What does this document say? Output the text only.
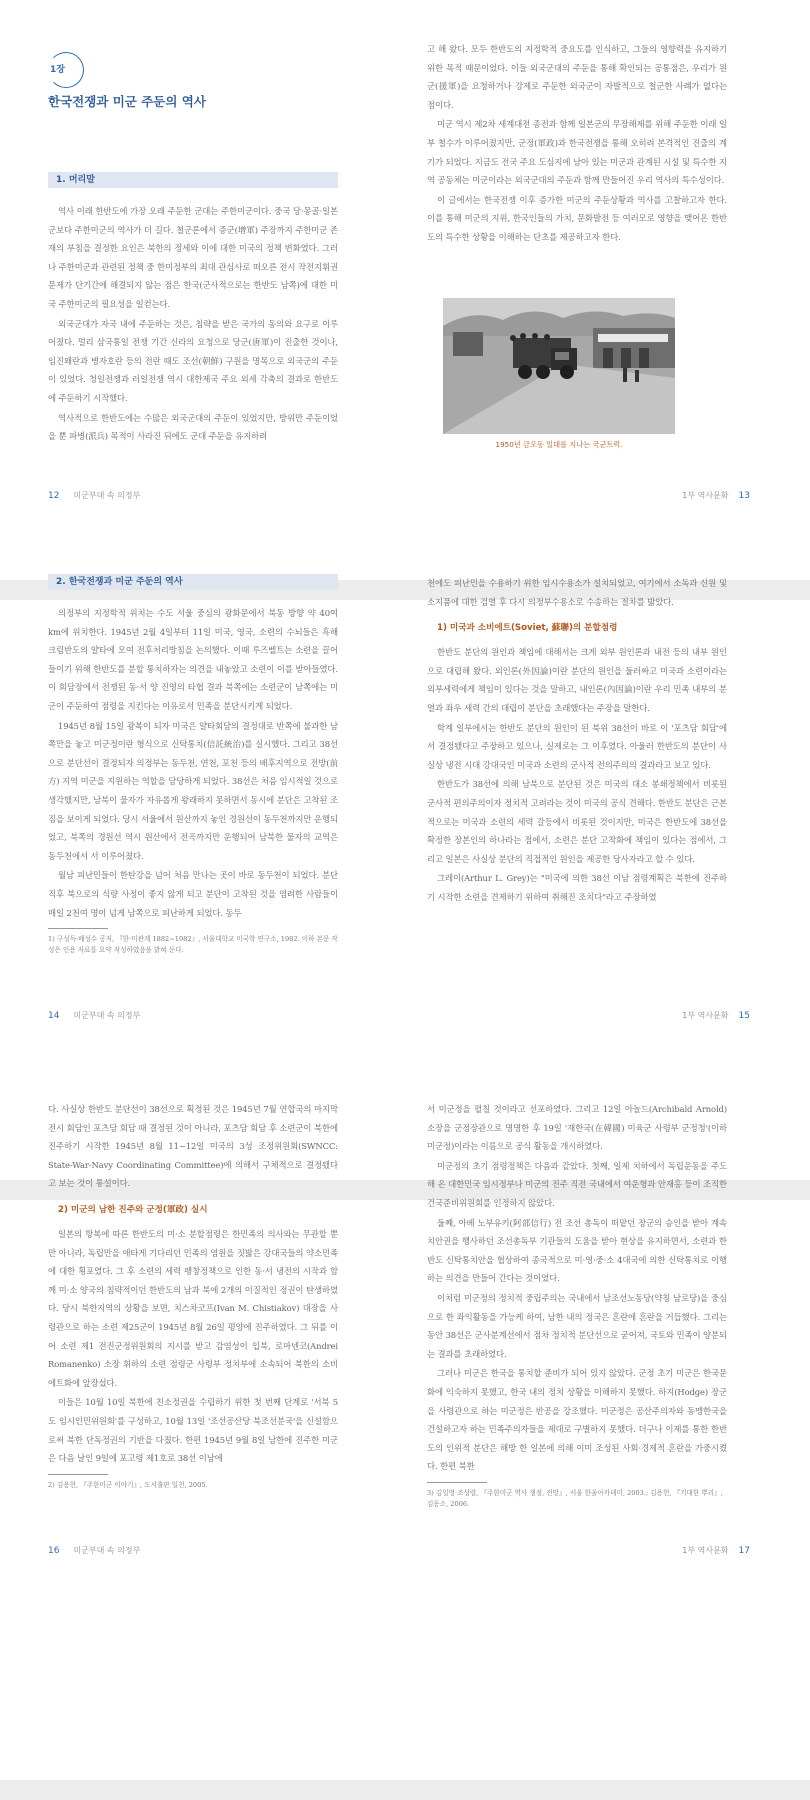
1장
한국전쟁과 미군 주둔의 역사
1. 머리말

역사 이래 한반도에 가장 오래 주둔한 군대는 주한미군이다. 중국 당·몽골·일본군보다 주한미군의 역사가 더 길다. 철군론에서 증군(增軍) 주장까지 주한미군 존재의 부침을 결정한 요인은 북한의 정세와 이에 대한 미국의 정책 변화였다. 그러나 주한미군과 관련된 정책 중 한미정부의 최대 관심사로 떠오른 전시 작전지휘권 문제가 단기간에 해결되지 않는 점은 한국(군사적으로는 한반도 남쪽)에 대한 미국 주한미군의 필요성을 일컫는다.

외국군대가 자국 내에 주둔하는 것은, 침략을 받은 국가의 동의와 요구로 이루어졌다. 멀리 삼국통일 전쟁 기간 신라의 요청으로 당군(唐軍)이 진출한 것이나, 임진왜란과 병자호란 등의 전란 때도 조선(朝鮮) 구원을 명목으로 외국군의 주둔이 있었다. 청일전쟁과 러일전쟁 역시 대한제국 주요 외세 각축의 결과로 한반도에 주둔하기 시작했다.

역사적으로 한반도에는 수많은 외국군대의 주둔이 있었지만, 방위만 주둔이었을 뿐 파병(派兵) 목적이 사라진 뒤에도 군대 주둔을 유지하려

12 미군부대 속 의정부

고 해 왔다. 모두 한반도의 지정학적 중요도를 인식하고, 그들의 영향력을 유지하기 위한 목적 때문이었다. 이들 외국군대의 주둔을 통해 확인되는 공통점은, 우리가 원군(援軍)을 요청하거나 강제로 주둔한 외국군이 자발적으로 철군한 사례가 없다는 점이다.

미군 역시 제2차 세계대전 종전과 함께 일본군의 무장해제를 위해 주둔한 이래 일부 철수가 이루어졌지만, 군정(軍政)과 한국전쟁을 통해 오히려 본격적인 진출의 계기가 되었다. 지금도 전국 주요 도심지에 남아 있는 미군과 관계된 시설 및 특수한 지역 공동체는 미군이라는 외국군대의 주둔과 함께 만들어진 우리 역사의 특수성이다.

이 글에서는 한국전쟁 이후 증가한 미군의 주둔상황과 역사를 고찰하고자 한다. 이를 통해 미군의 지위, 한국인들의 가치, 문화발전 등 여러모로 영향을 맺어온 한반도의 특수한 상황을 이해하는 단초를 제공하고자 한다.

1950년 금오동 일대를 지나는 국군트럭.
1부 역사문화 13
2. 한국전쟁과 미군 주둔의 역사

의정부의 지정학적 위치는 수도 서울 중심의 광화문에서 북동 방향 약 40여km에 위치한다. 1945년 2월 4일부터 11일 미국, 영국, 소련의 수뇌들은 흑해 크림반도의 얄타에 모여 전후처리방침을 논의했다. 이때 루즈벨트는 소련을 끌어들이기 위해 한반도를 분할 통치하자는 의견을 내놓았고 소련이 이를 받아들였다. 이 회담장에서 전쟁된 동·서 양 진영의 타협 결과 북쪽에는 소련군이 남쪽에는 미군이 주둔하여 점령을 지킨다는 이유로서 민족을 분단시키게 되었다.

1945년 8월 15일 광복이 되자 미국은 얄타회담의 결정대로 반쪽에 불과한 남쪽만을 놓고 미군정이란 형식으로 신탁통치(信託統治)를 실시했다. 그리고 38선으로 분단선이 결정되자 의정부는 동두천, 연천, 포천 등의 배후지역으로 전방(前方) 지역 미군을 지원하는 역할을 담당하게 되었다. 38선은 처음 임시적일 것으로 생각했지만, 남북이 물자가 자유롭게 왕래하지 못하면서 동시에 분단은 고착된 조짐을 보이게 되었다. 당시 서울에서 원산까지 놓인 경원선이 동두천까지만 운행되었고, 북쪽의 경원선 역시 원산에서 전곡까지만 운행되어 남북한 물자의 교역은 동두천에서 서 이루어졌다.

월남 피난민들이 한탄강을 넘어 처음 만나는 곳이 바로 동두천이 되었다. 분단 직후 북으로의 식량 사정이 좋지 않게 되고 분단이 고착된 것을 염려한 사람들이 매일 2천여 명이 넘게 남쪽으로 피난하게 되었다. 동두

1) 구성득·배성수 공저, 『한·미관계 1882~1982』, 서울대학교 미국학 연구소, 1982. 이하 본문 작성은 인용 자료를 요약 작성하였음을 밝혀 둔다.

14 미군부대 속 의정부

천에도 피난민을 수용하기 위한 임시수용소가 설치되었고, 여기에서 소독과 신원 및 소지품에 대한 검열 후 다시 의정부수용소로 수송하는 절차를 밟았다.

1) 미국과 소비에트(Soviet, 蘇聯)의 분할점령

한반도 분단의 원인과 책임에 대해서는 크게 외부 원인론과 내전 등의 내부 원인으로 대립해 왔다. 외인론(外因論)이란 분단의 원인을 둘러싸고 미국과 소련이라는 외부세력에게 책임이 있다는 것을 말하고, 내인론(內因論)이란 우리 민족 내부의 분열과 좌우 세력 간의 대립이 분단을 초래했다는 주장을 말한다.

학계 일부에서는 한반도 분단의 원인이 된 북위 38선이 바로 이 '포츠담 회담'에서 결정됐다고 주장하고 있으나, 실제로는 그 이후였다. 아울러 한반도의 분단이 사실상 냉전 시대 강대국인 미국과 소련의 군사적 전의주의의 결과라고 보고 있다.

한반도가 38선에 의해 남북으로 분단된 것은 미국의 대소 봉쇄정책에서 비롯된 군사적 편의주의이자 정치적 고려라는 것이 미국의 공식 견해다. 한반도 분단은 근본적으로는 미국과 소련의 세력 갈등에서 비롯된 것이지만, 미국은 한반도에 38선을 확정한 장본인의 하나라는 점에서, 소련은 분단 고착화에 책임이 있다는 점에서, 그리고 일본은 사실상 분단의 직접적인 원인을 제공한 당사자라고 할 수 있다.

그레이(Arthur L. Grey)는 "미국에 의한 38선 이남 점령계획은 북한에 진주하기 시작한 소련을 견제하기 위하여 취해진 조치다"라고 주장하였

1부 역사문화 15

다. 사실상 한반도 분단선이 38선으로 획정된 것은 1945년 7월 연합국의 마지막 전시 회담인 포츠담 회담 때 결정된 것이 아니라, 포츠담 회담 후 소련군이 북한에 진주하기 시작한 1945년 8월 11~12일 미국의 3성 조정위원회(SWNCC: State-War-Navy Coordinating Committee)에 의해서 구체적으로 결정됐다고 보는 것이 통설이다.

2) 미군의 남한 진주와 군정(軍政) 실시

일본의 항복에 따른 한반도의 미·소 분할점령은 한민족의 의사와는 무관할 뿐만 아니라, 독립만을 애타게 기다리던 민족의 염원을 짓밟은 강대국들의 약소민족에 대한 횡포였다. 그 후 소련의 세력 팽창정책으로 인한 동·서 냉전의 시작과 함께 미·소 양국의 침략적이던 한반도의 남과 북에 2개의 이질적인 정권이 탄생하였다. 당시 북한지역의 상황을 보면, 치스차코프(Ivan M. Chistiakov) 대장을 사령관으로 하는 소련 제25군이 1945년 8월 26일 평양에 진주하였다. 그 뒤를 이어 소련 제1 전진군정위원회의 지시를 받고 감염성이 입북, 로마넨코(Andrei Romanenko) 소장 휘하의 소련 점령군 사령부 정치부에 소속되어 북한의 소비에트화에 앞장섰다.

이들은 10월 10일 북한에 친소정권을 수립하기 위한 첫 번째 단계로 '서북 5도 임시인민위원회'를 구성하고, 10월 13일 '조선공산당 북조선분국'을 신설함으로써 북한 단독정권의 기반을 다졌다. 한편 1945년 9월 8일 남한에 진주한 미군은 다음 날인 9일에 포고령 제1호로 38선 이남에

2) 김용헌, 『주한미군 이야기』, 도서출판 일천, 2005.

16 미군부대 속 의정부

서 미군정을 펼칠 것이라고 선포하였다. 그리고 12일 아놀드(Archibald Arnold) 소장을 군정장관으로 명명한 후 19일 '재한국(在韓國) 미육군 사령부 군정청'(이하 미군정)이라는 이름으로 공식 활동을 개시하였다.

미군정의 초기 점령정책은 다음과 같았다. 첫째, 일제 치하에서 독립운동을 주도해 온 대한민국 임시정부나 미군의 진주 직전 국내에서 여운형과 안재홍 등이 조직한 건국준비위원회를 인정하지 않았다.

둘째, 아베 노부유키(阿部信行) 전 조선 총독이 떠맡던 장군의 승인을 받아 계속 치안권을 행사하던 조선총독부 기관들의 도움을 받아 현상을 유지하면서, 소련과 한반도 신탁통치안을 협상하여 종국적으로 미·영·중·소 4대국에 의한 신탁통치로 이행하는 의견을 만들어 간다는 것이었다.

이처럼 미군정의 정치적 중립주의는 국내에서 남조선노동당(약칭 남로당)을 중심으로 한 좌익활동을 가능케 하여, 남한 내의 정국은 혼란에 혼란을 거듭했다. 그리는 동안 38선은 군사분계선에서 점차 정치적 분단선으로 굳어져, 국토와 민족이 양분되는 결과를 초래하였다.

그러나 미군은 한국을 통치할 준비가 되어 있지 않았다. 군정 초기 미군은 한국문화에 익숙하지 못했고, 한국 내의 정치 상황을 이해하지 못했다. 하지(Hodge) 장군을 사령관으로 하는 미군정은 반공을 강조했다. 미군정은 공산주의자와 동맹한국을 건설하고자 하는 민족주의자들을 제대로 구별하지 못했다. 더구나 이제를 통한 한반도의 인위적 분단은 해방 한 일본에 의해 이미 조성된 사회·경제적 혼란을 가중시켰다. 한편 북한

3) 김일영·조성렬, 『주한미군 역사 쟁점, 전망』, 서울 한울아카데미, 2003.; 김용헌, 『거대한 뿌리』, 김동소, 2006.

1부 역사문화 17
